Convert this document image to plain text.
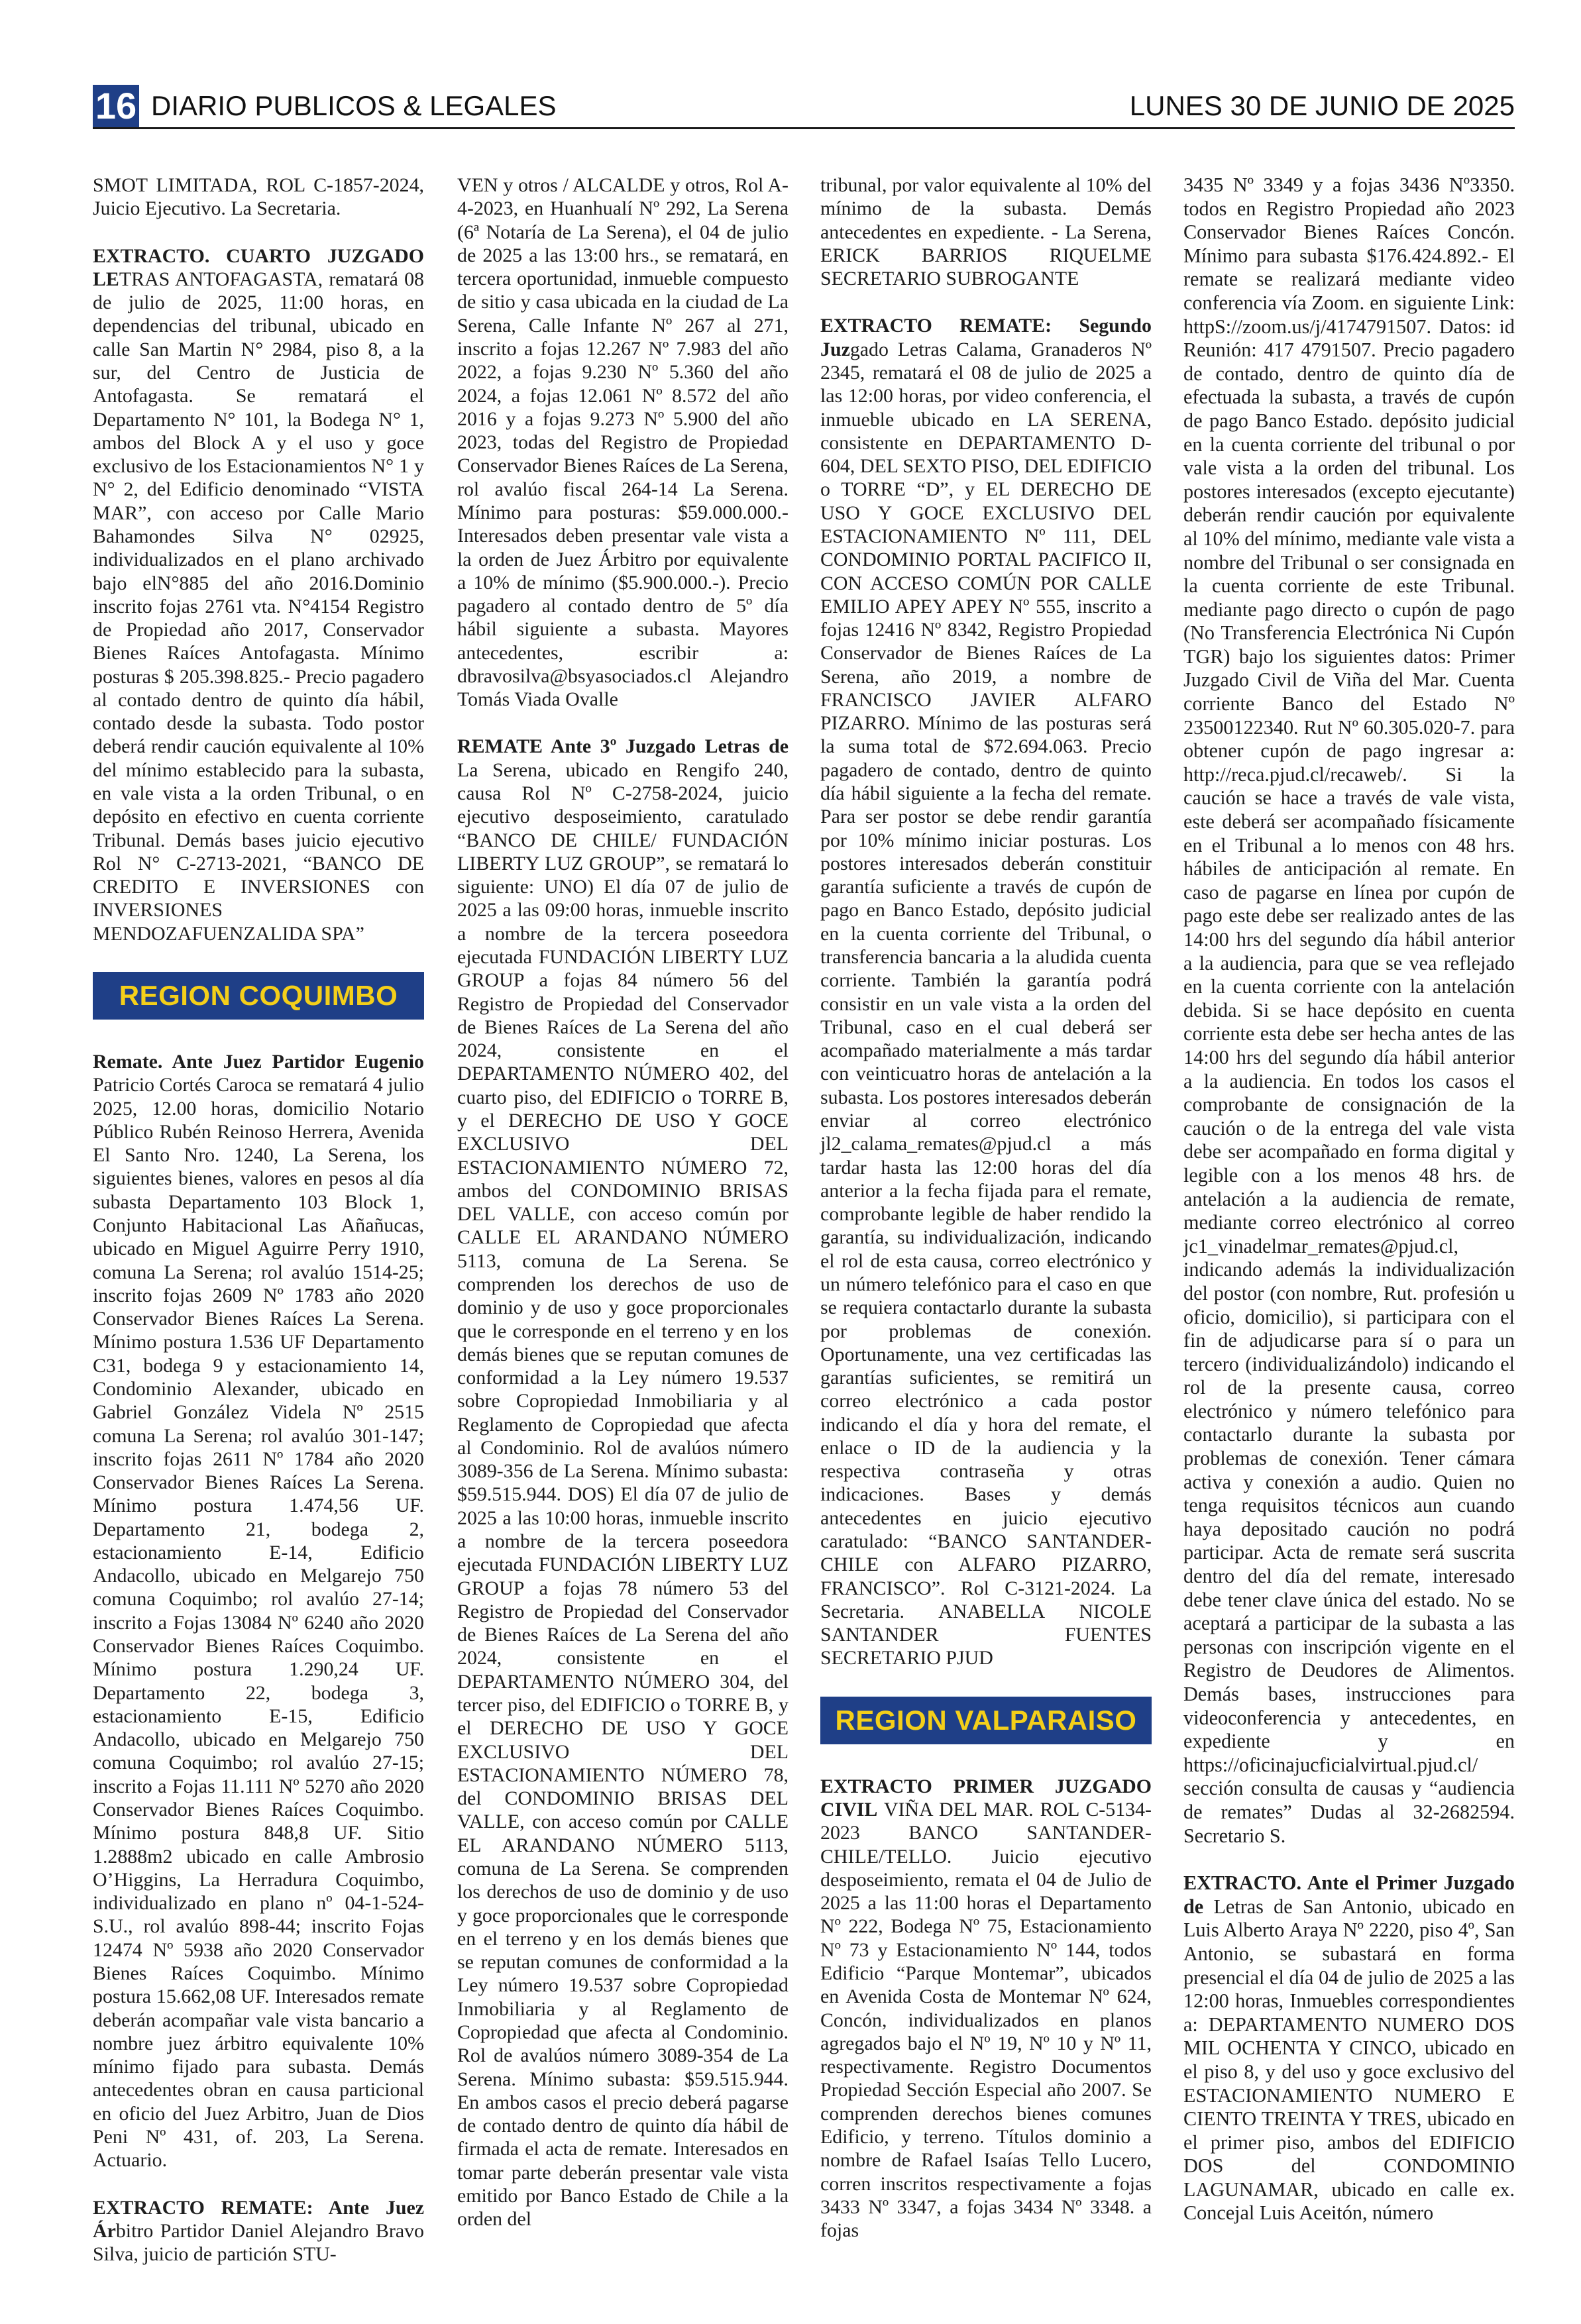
16 DIARIO PUBLICOS & LEGALES	LUNES 30 DE JUNIO DE 2025
SMOT LIMITADA, ROL C-1857-2024, Juicio Ejecutivo. La Secretaria.
EXTRACTO. CUARTO JUZGADO LETRAS ANTOFAGASTA, rematará 08 de julio de 2025, 11:00 horas, en dependencias del tribunal, ubicado en calle San Martin N° 2984, piso 8, a la sur, del Centro de Justicia de Antofagasta. Se rematará el Departamento N° 101, la Bodega N° 1, ambos del Block A y el uso y goce exclusivo de los Estacionamientos N° 1 y N° 2, del Edificio denominado “VISTA MAR”, con acceso por Calle Mario Bahamondes Silva N° 02925, individualizados en el plano archivado bajo elN°885 del año 2016.Dominio inscrito fojas 2761 vta. N°4154 Registro de Propiedad año 2017, Conservador Bienes Raíces Antofagasta. Mínimo posturas $ 205.398.825.- Precio pagadero al contado dentro de quinto día hábil, contado desde la subasta. Todo postor deberá rendir caución equivalente al 10% del mínimo establecido para la subasta, en vale vista a la orden Tribunal, o en depósito en efectivo en cuenta corriente Tribunal. Demás bases juicio ejecutivo Rol N° C-2713-2021, “BANCO DE CREDITO E INVERSIONES con INVERSIONES MENDOZAFUENZALIDA SPA”
REGION COQUIMBO
Remate. Ante Juez Partidor Eugenio Patricio Cortés Caroca se rematará 4 julio 2025, 12.00 horas, domicilio Notario Público Rubén Reinoso Herrera, Avenida El Santo Nro. 1240, La Serena, los siguientes bienes, valores en pesos al día subasta Departamento 103 Block 1, Conjunto Habitacional Las Añañucas, ubicado en Miguel Aguirre Perry 1910, comuna La Serena; rol avalúo 1514-25; inscrito fojas 2609 Nº 1783 año 2020 Conservador Bienes Raíces La Serena. Mínimo postura 1.536 UF Departamento C31, bodega 9 y estacionamiento 14, Condominio Alexander, ubicado en Gabriel González Videla Nº 2515 comuna La Serena; rol avalúo 301-147; inscrito fojas 2611 Nº 1784 año 2020 Conservador Bienes Raíces La Serena. Mínimo postura 1.474,56 UF. Departamento 21, bodega 2, estacionamiento E-14, Edificio Andacollo, ubicado en Melgarejo 750 comuna Coquimbo; rol avalúo 27-14; inscrito a Fojas 13084 Nº 6240 año 2020 Conservador Bienes Raíces Coquimbo. Mínimo postura 1.290,24 UF. Departamento 22, bodega 3, estacionamiento E-15, Edificio Andacollo, ubicado en Melgarejo 750 comuna Coquimbo; rol avalúo 27-15; inscrito a Fojas 11.111 Nº 5270 año 2020 Conservador Bienes Raíces Coquimbo. Mínimo postura 848,8 UF. Sitio 1.2888m2 ubicado en calle Ambrosio O’Higgins, La Herradura Coquimbo, individualizado en plano nº 04-1-524-S.U., rol avalúo 898-44; inscrito Fojas 12474 Nº 5938 año 2020 Conservador Bienes Raíces Coquimbo. Mínimo postura 15.662,08 UF. Interesados remate deberán acompañar vale vista bancario a nombre juez árbitro equivalente 10% mínimo fijado para subasta. Demás antecedentes obran en causa particional en oficio del Juez Arbitro, Juan de Dios Peni Nº 431, of. 203, La Serena. Actuario.
EXTRACTO REMATE: Ante Juez Árbitro Partidor Daniel Alejandro Bravo Silva, juicio de partición STU-
VEN y otros / ALCALDE y otros, Rol A-4-2023, en Huanhualí Nº 292, La Serena (6ª Notaría de La Serena), el 04 de julio de 2025 a las 13:00 hrs., se rematará, en tercera oportunidad, inmueble compuesto de sitio y casa ubicada en la ciudad de La Serena, Calle Infante Nº 267 al 271, inscrito a fojas 12.267 Nº 7.983 del año 2022, a fojas 9.230 Nº 5.360 del año 2024, a fojas 12.061 Nº 8.572 del año 2016 y a fojas 9.273 Nº 5.900 del año 2023, todas del Registro de Propiedad Conservador Bienes Raíces de La Serena, rol avalúo fiscal 264-14 La Serena. Mínimo para posturas: $59.000.000.- Interesados deben presentar vale vista a la orden de Juez Árbitro por equivalente a 10% de mínimo ($5.900.000.-). Precio pagadero al contado dentro de 5º día hábil siguiente a subasta. Mayores antecedentes, escribir a: dbravosilva@bsyasociados.cl Alejandro Tomás Viada Ovalle
REMATE Ante 3º Juzgado Letras de La Serena, ubicado en Rengifo 240, causa Rol Nº C-2758-2024, juicio ejecutivo desposeimiento, caratulado “BANCO DE CHILE/ FUNDACIÓN LIBERTY LUZ GROUP”, se rematará lo siguiente: UNO) El día 07 de julio de 2025 a las 09:00 horas, inmueble inscrito a nombre de la tercera poseedora ejecutada FUNDACIÓN LIBERTY LUZ GROUP a fojas 84 número 56 del Registro de Propiedad del Conservador de Bienes Raíces de La Serena del año 2024, consistente en el DEPARTAMENTO NÚMERO 402, del cuarto piso, del EDIFICIO o TORRE B, y el DERECHO DE USO Y GOCE EXCLUSIVO DEL ESTACIONAMIENTO NÚMERO 72, ambos del CONDOMINIO BRISAS DEL VALLE, con acceso común por CALLE EL ARANDANO NÚMERO 5113, comuna de La Serena. Se comprenden los derechos de uso de dominio y de uso y goce proporcionales que le corresponde en el terreno y en los demás bienes que se reputan comunes de conformidad a la Ley número 19.537 sobre Copropiedad Inmobiliaria y al Reglamento de Copropiedad que afecta al Condominio. Rol de avalúos número 3089-356 de La Serena. Mínimo subasta: $59.515.944. DOS) El día 07 de julio de 2025 a las 10:00 horas, inmueble inscrito a nombre de la tercera poseedora ejecutada FUNDACIÓN LIBERTY LUZ GROUP a fojas 78 número 53 del Registro de Propiedad del Conservador de Bienes Raíces de La Serena del año 2024, consistente en el DEPARTAMENTO NÚMERO 304, del tercer piso, del EDIFICIO o TORRE B, y el DERECHO DE USO Y GOCE EXCLUSIVO DEL ESTACIONAMIENTO NÚMERO 78, del CONDOMINIO BRISAS DEL VALLE, con acceso común por CALLE EL ARANDANO NÚMERO 5113, comuna de La Serena. Se comprenden los derechos de uso de dominio y de uso y goce proporcionales que le corresponde en el terreno y en los demás bienes que se reputan comunes de conformidad a la Ley número 19.537 sobre Copropiedad Inmobiliaria y al Reglamento de Copropiedad que afecta al Condominio. Rol de avalúos número 3089-354 de La Serena. Mínimo subasta: $59.515.944. En ambos casos el precio deberá pagarse de contado dentro de quinto día hábil de firmada el acta de remate. Interesados en tomar parte deberán presentar vale vista emitido por Banco Estado de Chile a la orden del
tribunal, por valor equivalente al 10% del mínimo de la subasta. Demás antecedentes en expediente. - La Serena, ERICK BARRIOS RIQUELME SECRETARIO SUBROGANTE
EXTRACTO REMATE: Segundo Juzgado Letras Calama, Granaderos Nº 2345, rematará el 08 de julio de 2025 a las 12:00 horas, por video conferencia, el inmueble ubicado en LA SERENA, consistente en DEPARTAMENTO D-604, DEL SEXTO PISO, DEL EDIFICIO o TORRE “D”, y EL DERECHO DE USO Y GOCE EXCLUSIVO DEL ESTACIONAMIENTO Nº 111, DEL CONDOMINIO PORTAL PACIFICO II, CON ACCESO COMÚN POR CALLE EMILIO APEY APEY Nº 555, inscrito a fojas 12416 Nº 8342, Registro Propiedad Conservador de Bienes Raíces de La Serena, año 2019, a nombre de FRANCISCO JAVIER ALFARO PIZARRO. Mínimo de las posturas será la suma total de $72.694.063. Precio pagadero de contado, dentro de quinto día hábil siguiente a la fecha del remate. Para ser postor se debe rendir garantía por 10% mínimo iniciar posturas. Los postores interesados deberán constituir garantía suficiente a través de cupón de pago en Banco Estado, depósito judicial en la cuenta corriente del Tribunal, o transferencia bancaria a la aludida cuenta corriente. También la garantía podrá consistir en un vale vista a la orden del Tribunal, caso en el cual deberá ser acompañado materialmente a más tardar con veinticuatro horas de antelación a la subasta. Los postores interesados deberán enviar al correo electrónico jl2_calama_remates@pjud.cl a más tardar hasta las 12:00 horas del día anterior a la fecha fijada para el remate, comprobante legible de haber rendido la garantía, su individualización, indicando el rol de esta causa, correo electrónico y un número telefónico para el caso en que se requiera contactarlo durante la subasta por problemas de conexión. Oportunamente, una vez certificadas las garantías suficientes, se remitirá un correo electrónico a cada postor indicando el día y hora del remate, el enlace o ID de la audiencia y la respectiva contraseña y otras indicaciones. Bases y demás antecedentes en juicio ejecutivo caratulado: “BANCO SANTANDER- CHILE con ALFARO PIZARRO, FRANCISCO”. Rol C-3121-2024. La Secretaria. ANABELLA NICOLE SANTANDER FUENTES SECRETARIO PJUD
REGION VALPARAISO
EXTRACTO PRIMER JUZGADO CIVIL VIÑA DEL MAR. ROL C-5134-2023 BANCO SANTANDER-CHILE/TELLO. Juicio ejecutivo desposeimiento, remata el 04 de Julio de 2025 a las 11:00 horas el Departamento Nº 222, Bodega Nº 75, Estacionamiento Nº 73 y Estacionamiento Nº 144, todos Edificio “Parque Montemar”, ubicados en Avenida Costa de Montemar Nº 624, Concón, individualizados en planos agregados bajo el Nº 19, Nº 10 y Nº 11, respectivamente. Registro Documentos Propiedad Sección Especial año 2007. Se comprenden derechos bienes comunes Edificio, y terreno. Títulos dominio a nombre de Rafael Isaías Tello Lucero, corren inscritos respectivamente a fojas 3433 Nº 3347, a fojas 3434 Nº 3348. a fojas
3435 Nº 3349 y a fojas 3436 Nº3350. todos en Registro Propiedad año 2023 Conservador Bienes Raíces Concón. Mínimo para subasta $176.424.892.- El remate se realizará mediante video conferencia vía Zoom. en siguiente Link: httpS://zoom.us/j/4174791507. Datos: id Reunión: 417 4791507. Precio pagadero de contado, dentro de quinto día de efectuada la subasta, a través de cupón de pago Banco Estado. depósito judicial en la cuenta corriente del tribunal o por vale vista a la orden del tribunal. Los postores interesados (excepto ejecutante) deberán rendir caución por equivalente al 10% del mínimo, mediante vale vista a nombre del Tribunal o ser consignada en la cuenta corriente de este Tribunal. mediante pago directo o cupón de pago (No Transferencia Electrónica Ni Cupón TGR) bajo los siguientes datos: Primer Juzgado Civil de Viña del Mar. Cuenta corriente Banco del Estado Nº 23500122340. Rut Nº 60.305.020-7. para obtener cupón de pago ingresar a: http://reca.pjud.cl/recaweb/. Si la caución se hace a través de vale vista, este deberá ser acompañado físicamente en el Tribunal a lo menos con 48 hrs. hábiles de anticipación al remate. En caso de pagarse en línea por cupón de pago este debe ser realizado antes de las 14:00 hrs del segundo día hábil anterior a la audiencia, para que se vea reflejado en la cuenta corriente con la antelación debida. Si se hace depósito en cuenta corriente esta debe ser hecha antes de las 14:00 hrs del segundo día hábil anterior a la audiencia. En todos los casos el comprobante de consignación de la caución o de la entrega del vale vista debe ser acompañado en forma digital y legible con a los menos 48 hrs. de antelación a la audiencia de remate, mediante correo electrónico al correo jc1_vinadelmar_remates@pjud.cl, indicando además la individualización del postor (con nombre, Rut. profesión u oficio, domicilio), si participara con el fin de adjudicarse para sí o para un tercero (individualizándolo) indicando el rol de la presente causa, correo electrónico y número telefónico para contactarlo durante la subasta por problemas de conexión. Tener cámara activa y conexión a audio. Quien no tenga requisitos técnicos aun cuando haya depositado caución no podrá participar. Acta de remate será suscrita dentro del día del remate, interesado debe tener clave única del estado. No se aceptará a participar de la subasta a las personas con inscripción vigente en el Registro de Deudores de Alimentos. Demás bases, instrucciones para videoconferencia y antecedentes, en expediente y en https://oficinajucficialvirtual.pjud.cl/ sección consulta de causas y “audiencia de remates” Dudas al 32-2682594. Secretario S.
EXTRACTO. Ante el Primer Juzgado de Letras de San Antonio, ubicado en Luis Alberto Araya Nº 2220, piso 4º, San Antonio, se subastará en forma presencial el día 04 de julio de 2025 a las 12:00 horas, Inmuebles correspondientes a: DEPARTAMENTO NUMERO DOS MIL OCHENTA Y CINCO, ubicado en el piso 8, y del uso y goce exclusivo del ESTACIONAMIENTO NUMERO E CIENTO TREINTA Y TRES, ubicado en el primer piso, ambos del EDIFICIO DOS del CONDOMINIO LAGUNAMAR, ubicado en calle ex. Concejal Luis Aceitón, número
